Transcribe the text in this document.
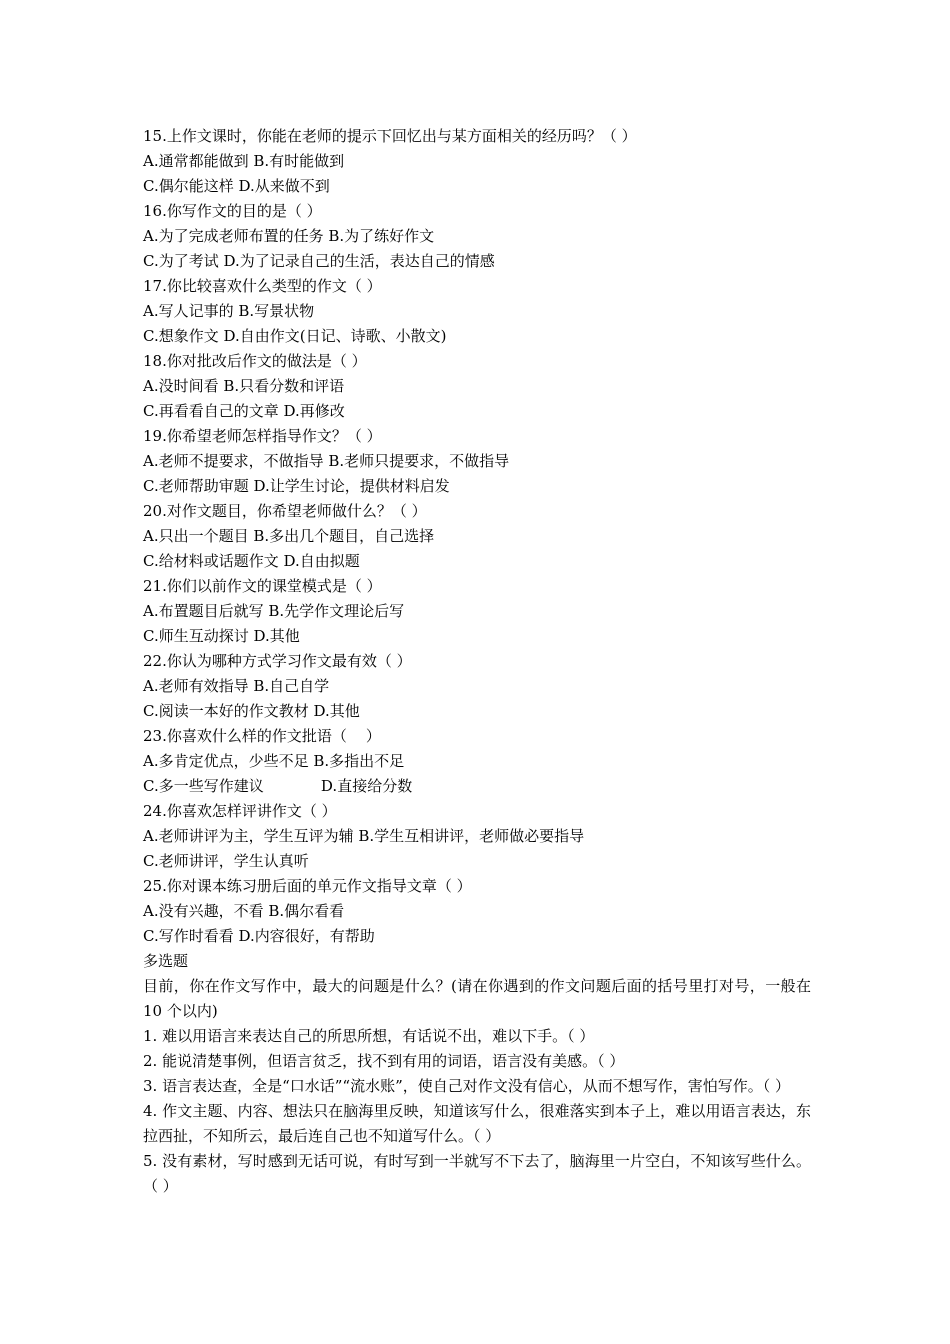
15.上作文课时，你能在老师的提示下回忆出与某方面相关的经历吗？（ ）
A.通常都能做到 B.有时能做到
C.偶尔能这样 D.从来做不到
16.你写作文的目的是（ ）
A.为了完成老师布置的任务 B.为了练好作文
C.为了考试 D.为了记录自己的生活，表达自己的情感
17.你比较喜欢什么类型的作文（ ）
A.写人记事的 B.写景状物
C.想象作文 D.自由作文(日记、诗歌、小散文)
18.你对批改后作文的做法是（ ）
A.没时间看 B.只看分数和评语
C.再看看自己的文章 D.再修改
19.你希望老师怎样指导作文？（ ）
A.老师不提要求，不做指导 B.老师只提要求，不做指导
C.老师帮助审题 D.让学生讨论，提供材料启发
20.对作文题目，你希望老师做什么？（ ）
A.只出一个题目 B.多出几个题目，自己选择
C.给材料或话题作文 D.自由拟题
21.你们以前作文的课堂模式是（ ）
A.布置题目后就写 B.先学作文理论后写
C.师生互动探讨 D.其他
22.你认为哪种方式学习作文最有效（ ）
A.老师有效指导 B.自己自学
C.阅读一本好的作文教材 D.其他
23.你喜欢什么样的作文批语（    ）
A.多肯定优点，少些不足 B.多指出不足
C.多一些写作建议            D.直接给分数
24.你喜欢怎样评讲作文（ ）
A.老师讲评为主，学生互评为辅 B.学生互相讲评，老师做必要指导
C.老师讲评，学生认真听
25.你对课本练习册后面的单元作文指导文章（ ）
A.没有兴趣，不看 B.偶尔看看
C.写作时看看 D.内容很好，有帮助
多选题
目前，你在作文写作中，最大的问题是什么？(请在你遇到的作文问题后面的括号里打对号，一般在 10 个以内)
1. 难以用语言来表达自己的所思所想，有话说不出，难以下手。（ ）
2. 能说清楚事例，但语言贫乏，找不到有用的词语，语言没有美感。（ ）
3. 语言表达查，全是“口水话”“流水账”，使自己对作文没有信心，从而不想写作，害怕写作。（ ）
4. 作文主题、内容、想法只在脑海里反映，知道该写什么，很难落实到本子上，难以用语言表达，东拉西扯，不知所云，最后连自己也不知道写什么。（ ）
5. 没有素材，写时感到无话可说，有时写到一半就写不下去了，脑海里一片空白，不知该写些什么。（ ）
